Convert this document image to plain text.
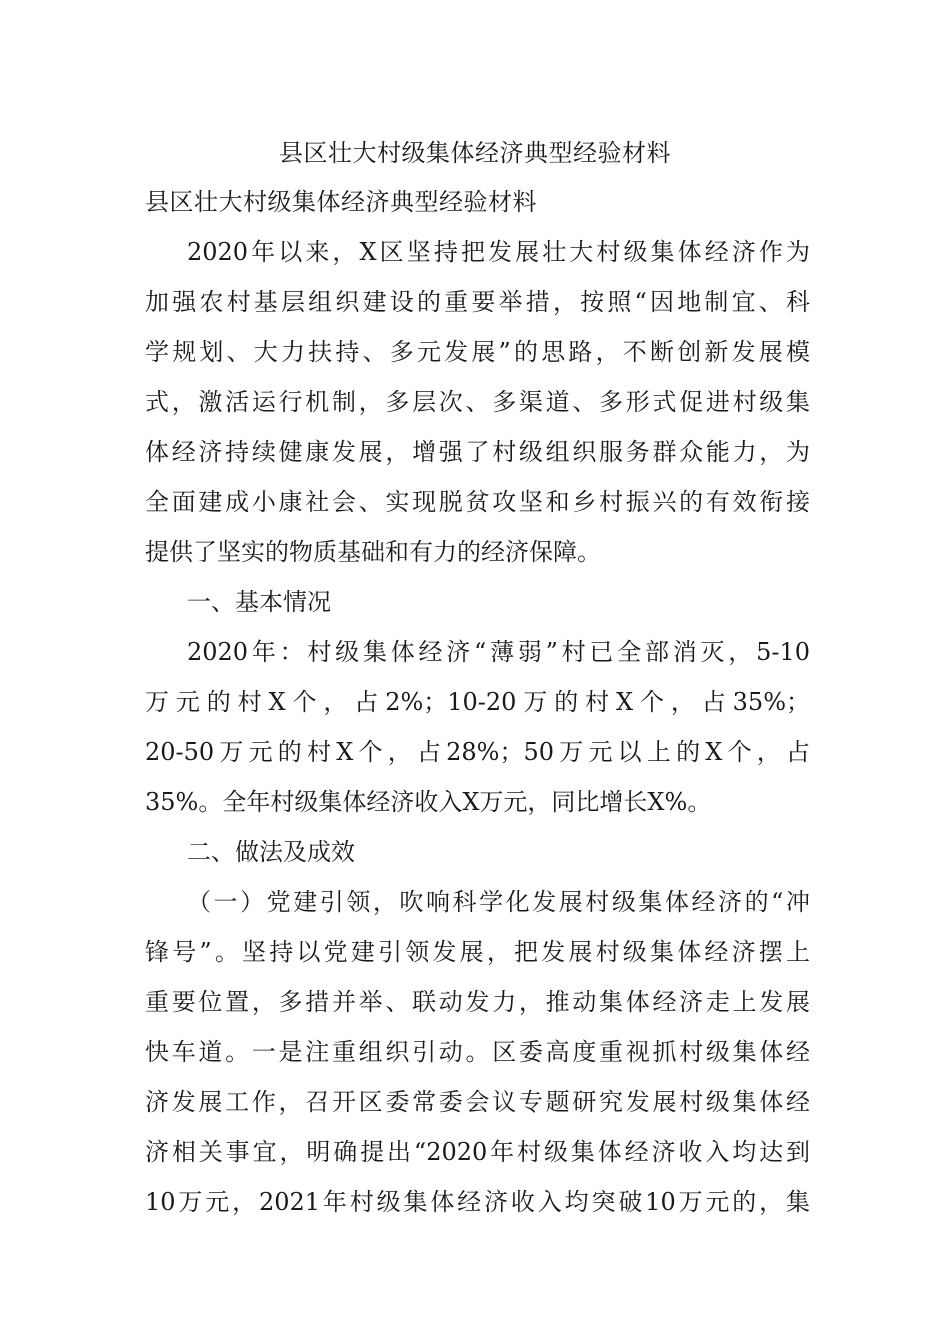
县区壮大村级集体经济典型经验材料

县区壮大村级集体经济典型经验材料

2020年以来，X区坚持把发展壮大村级集体经济作为

加强农村基层组织建设的重要举措，按照“因地制宜、科

学规划、大力扶持、多元发展”的思路，不断创新发展模

式，激活运行机制，多层次、多渠道、多形式促进村级集

体经济持续健康发展，增强了村级组织服务群众能力，为

全面建成小康社会、实现脱贫攻坚和乡村振兴的有效衔接

提供了坚实的物质基础和有力的经济保障。

一、基本情况

2020年：村级集体经济“薄弱”村已全部消灭，5-10

万元的村X个，占2%；10-20万的村X个，占35%；

20-50万元的村X个，占28%；50万元以上的X个，占

35%。全年村级集体经济收入X万元，同比增长X%。

二、做法及成效

（一）党建引领，吹响科学化发展村级集体经济的“冲

锋号”。坚持以党建引领发展，把发展村级集体经济摆上

重要位置，多措并举、联动发力，推动集体经济走上发展

快车道。一是注重组织引动。区委高度重视抓村级集体经

济发展工作，召开区委常委会议专题研究发展村级集体经

济相关事宜，明确提出“2020年村级集体经济收入均达到

10万元，2021年村级集体经济收入均突破10万元的，集
